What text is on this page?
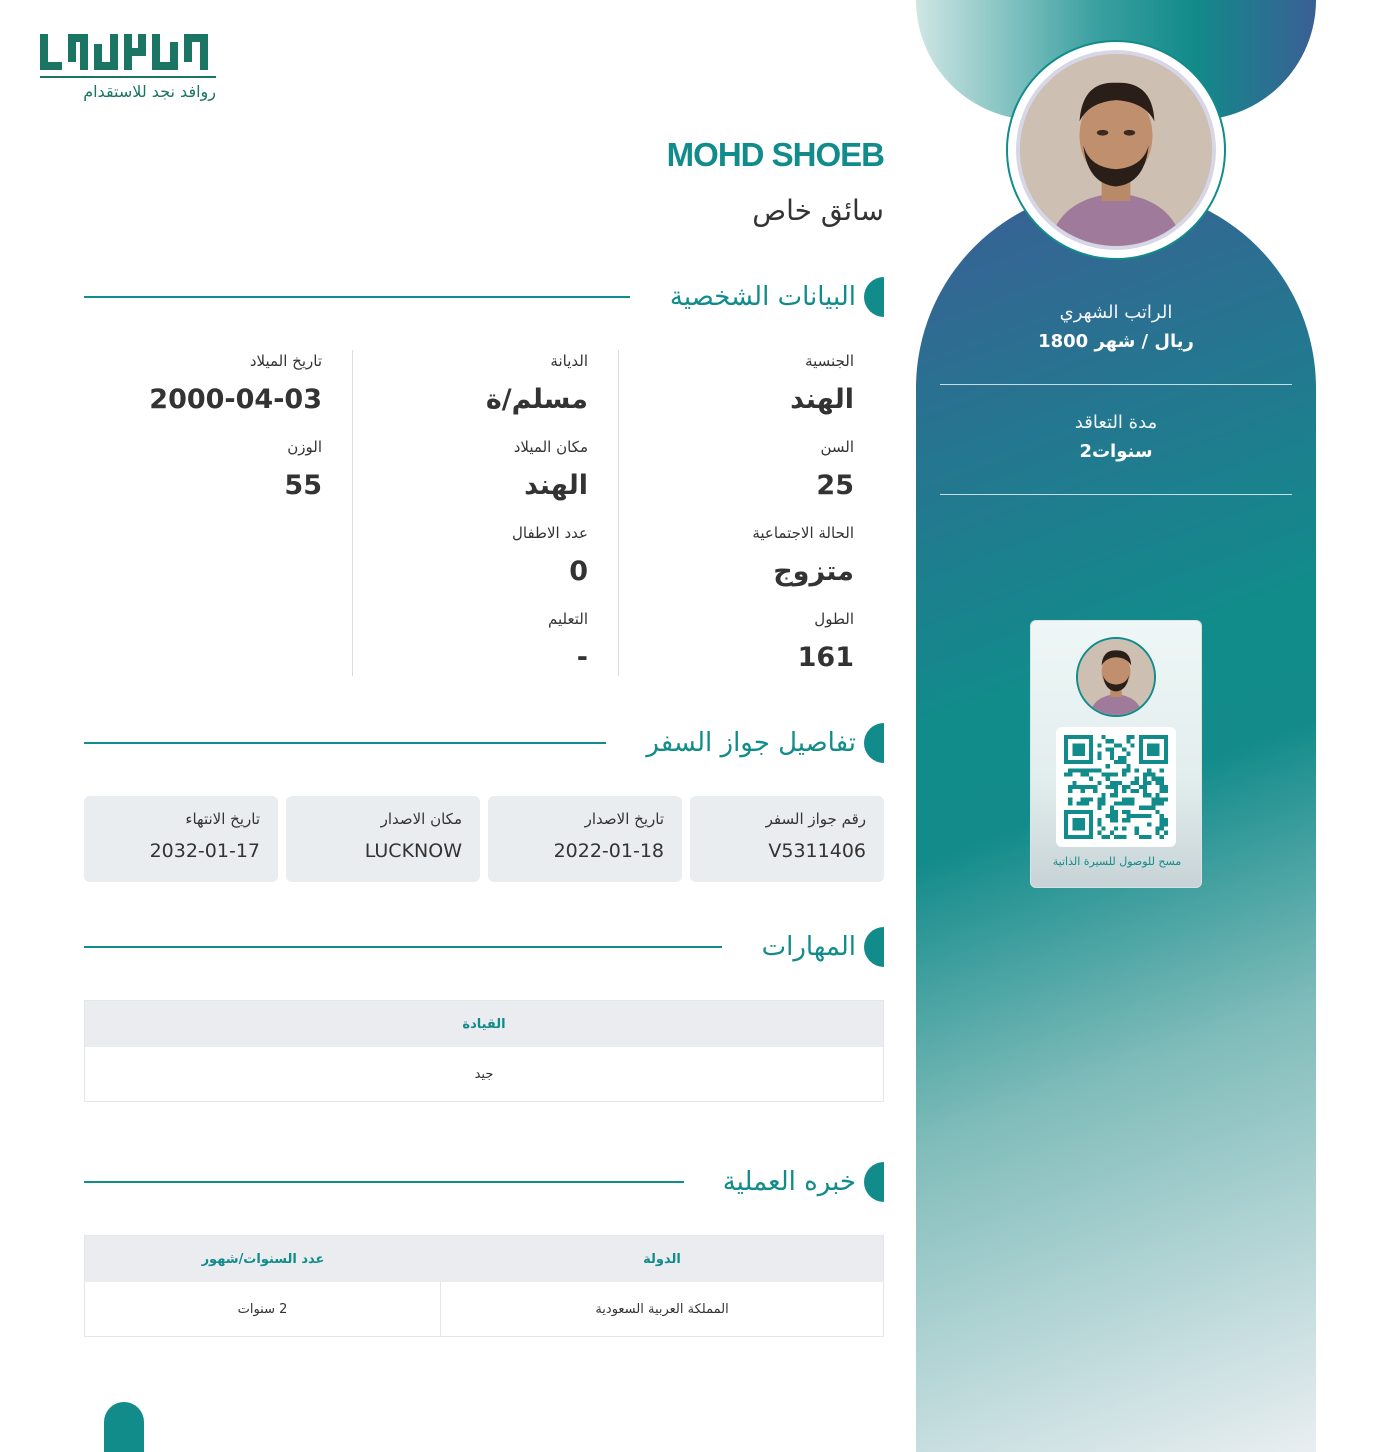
الراتب الشهري
1800 ريال / شهر
مدة التعاقد
2سنوات
مسح للوصول للسيرة الذاتية
روافد نجد للاستقدام
MOHD SHOEB
سائق خاص
البيانات الشخصية
الجنسية
الهند
السن
25
الحالة الاجتماعية
متزوج
الطول
161
الديانة
مسلم/ة
مكان الميلاد
الهند
عدد الاطفال
0
التعليم
-
تاريخ الميلاد
2000-04-03
الوزن
55
تفاصيل جواز السفر
رقم جواز السفر
V5311406
تاريخ الاصدار
2022-01-18
مكان الاصدار
LUCKNOW
تاريخ الانتهاء
2032-01-17
المهارات
القيادة
جيد
خبره العملية
الدولة
عدد السنوات/شهور
المملكة العربية السعودية
2 سنوات
